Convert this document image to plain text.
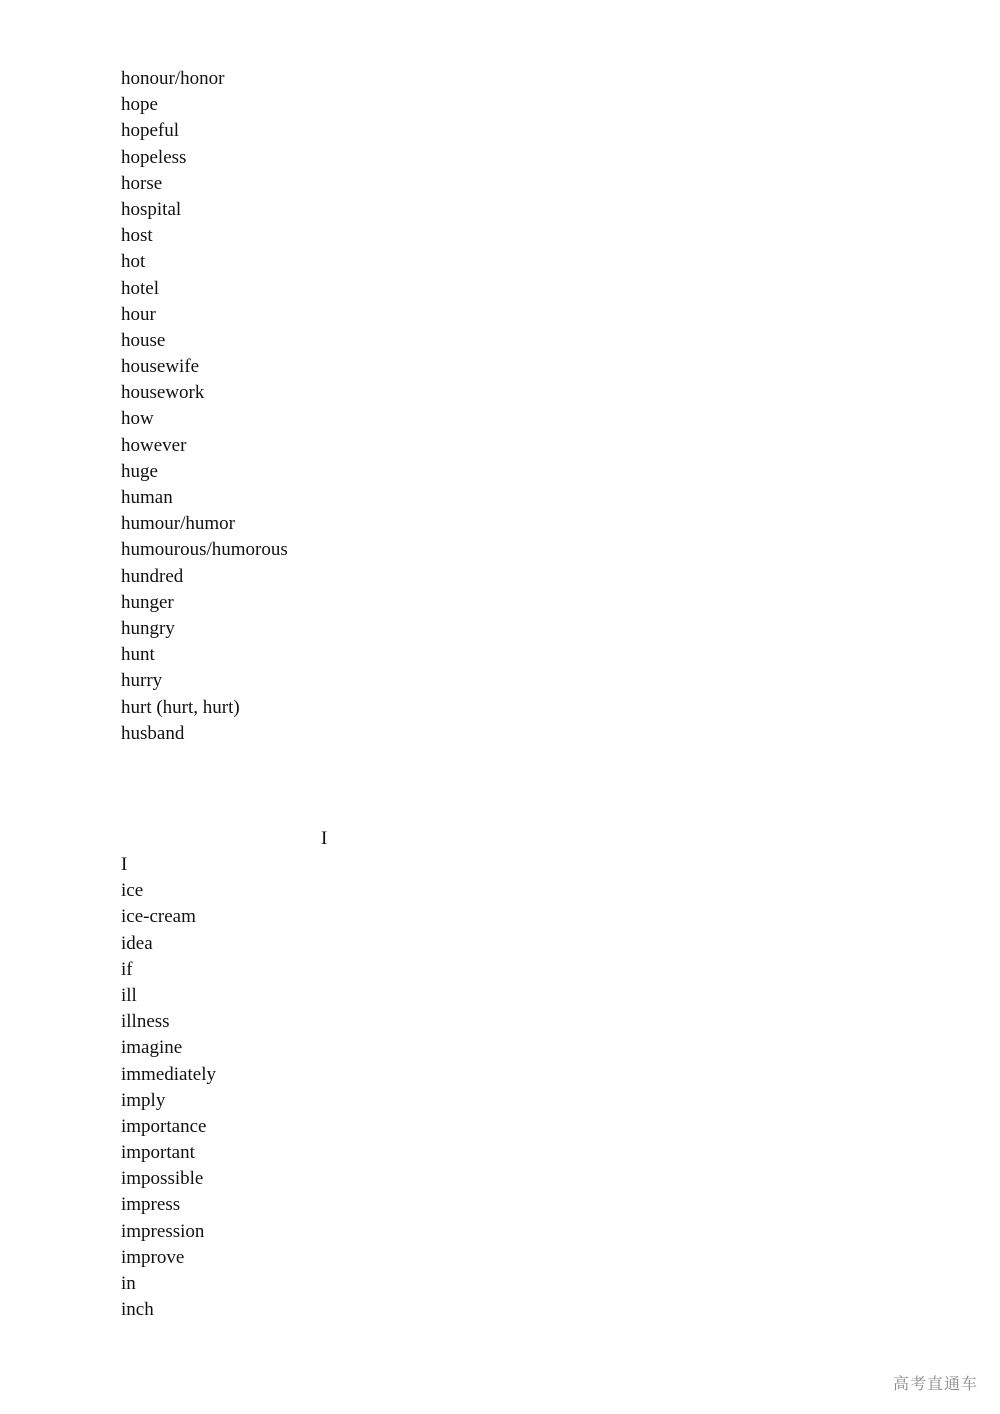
honour/honor
hope
hopeful
hopeless
horse
hospital
host
hot
hotel
hour
house
housewife
housework
how
however
huge
human
humour/humor
humourous/humorous
hundred
hunger
hungry
hunt
hurry
hurt (hurt, hurt)
husband
I
I
ice
ice-cream
idea
if
ill
illness
imagine
immediately
imply
importance
important
impossible
impress
impression
improve
in
inch
高考直通车
